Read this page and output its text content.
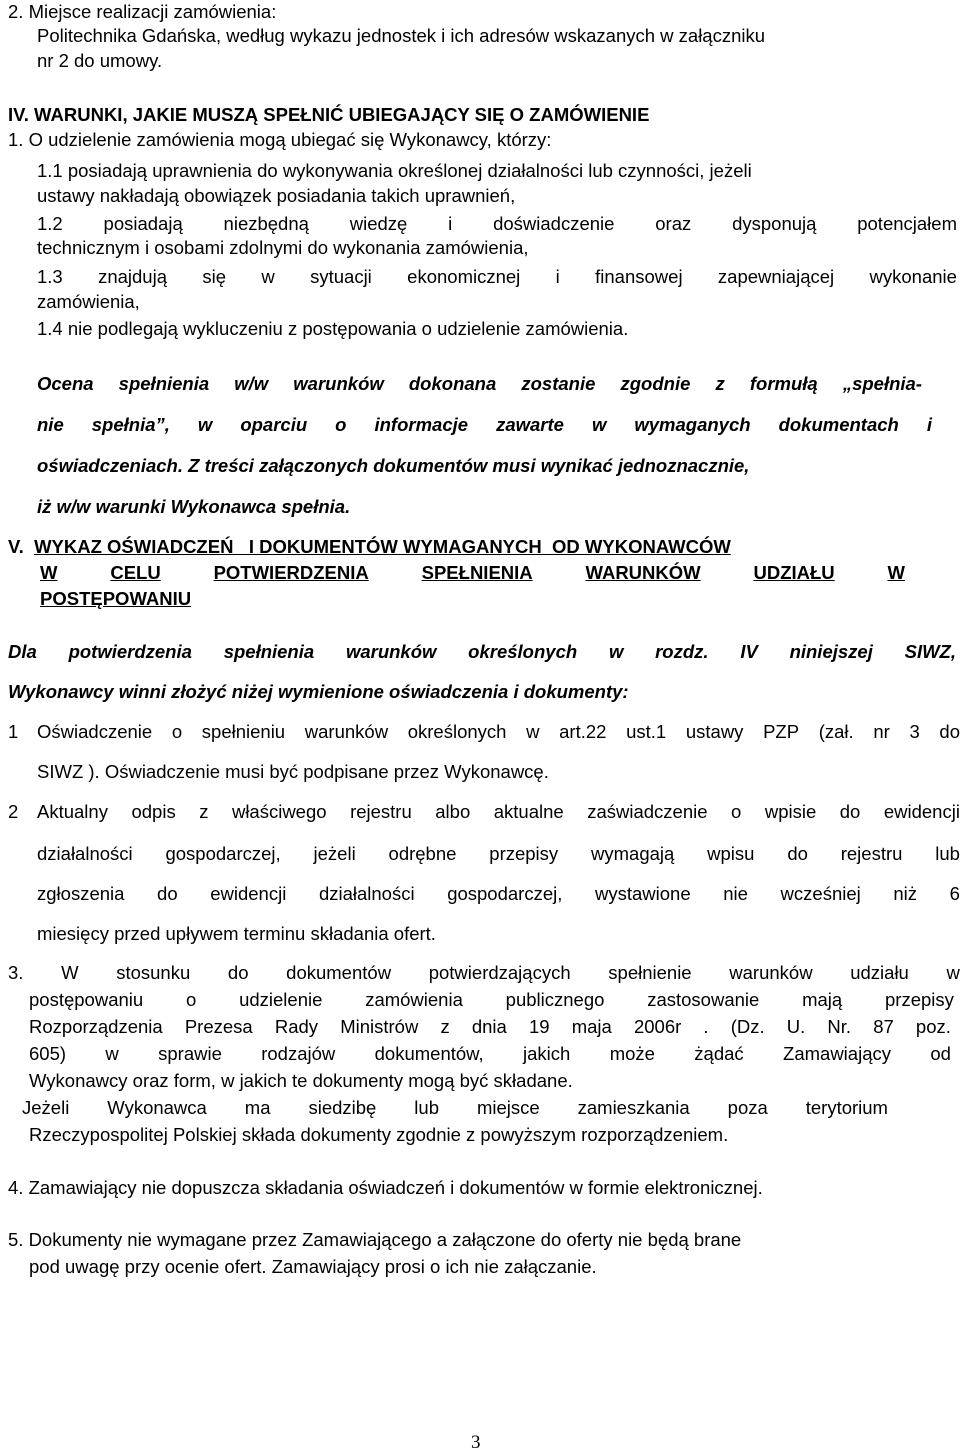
2. Miejsce realizacji zamówienia:
Politechnika Gdańska, według wykazu jednostek i ich adresów wskazanych w załączniku
nr 2 do umowy.
IV. WARUNKI, JAKIE MUSZĄ SPEŁNIĆ UBIEGAJĄCY SIĘ O ZAMÓWIENIE
1. O udzielenie zamówienia mogą ubiegać się Wykonawcy, którzy:
1.1 posiadają uprawnienia do wykonywania określonej działalności lub czynności, jeżeli
ustawy nakładają obowiązek posiadania takich uprawnień,
1.2 posiadają niezbędną wiedzę i doświadczenie oraz dysponują potencjałem
technicznym i osobami zdolnymi do wykonania zamówienia,
1.3 znajdują się w sytuacji ekonomicznej i finansowej zapewniającej wykonanie
zamówienia,
1.4 nie podlegają wykluczeniu z postępowania o udzielenie zamówienia.
Ocena spełnienia w/w warunków dokonana zostanie zgodnie z formułą „spełnia-
nie spełnia”, w oparciu o informacje zawarte w wymaganych dokumentach i
oświadczeniach. Z treści załączonych dokumentów musi wynikać jednoznacznie,
iż w/w warunki Wykonawca spełnia.
V.  WYKAZ OŚWIADCZEŃ   I DOKUMENTÓW WYMAGANYCH  OD WYKONAWCÓW
W	CELU	POTWIERDZENIA	SPEŁNIENIA	WARUNKÓW	UDZIAŁU	W
POSTĘPOWANIU
Dla potwierdzenia spełnienia warunków określonych w rozdz. IV niniejszej SIWZ,
Wykonawcy winni złożyć niżej wymienione oświadczenia i dokumenty:
1 Oświadczenie o spełnieniu warunków określonych w art.22 ust.1 ustawy PZP (zał. nr 3 do
SIWZ ). Oświadczenie musi być podpisane przez Wykonawcę.
2 Aktualny odpis z właściwego rejestru albo aktualne zaświadczenie o wpisie do ewidencji
działalności gospodarczej, jeżeli odrębne przepisy wymagają wpisu do rejestru lub
zgłoszenia do ewidencji działalności gospodarczej, wystawione nie wcześniej niż 6
miesięcy przed upływem terminu składania ofert.
3. W stosunku do dokumentów potwierdzających spełnienie warunków udziału w
postępowaniu o udzielenie zamówienia publicznego zastosowanie mają przepisy
Rozporządzenia Prezesa Rady Ministrów z dnia 19 maja 2006r . (Dz. U. Nr. 87 poz.
605) w sprawie rodzajów dokumentów, jakich może żądać Zamawiający od
Wykonawcy oraz form, w jakich te dokumenty mogą być składane.
Jeżeli Wykonawca ma siedzibę lub miejsce zamieszkania poza terytorium
Rzeczypospolitej Polskiej składa dokumenty zgodnie z powyższym rozporządzeniem.
4. Zamawiający nie dopuszcza składania oświadczeń i dokumentów w formie elektronicznej.
5. Dokumenty nie wymagane przez Zamawiającego a załączone do oferty nie będą brane
pod uwagę przy ocenie ofert. Zamawiający prosi o ich nie załączanie.
3
